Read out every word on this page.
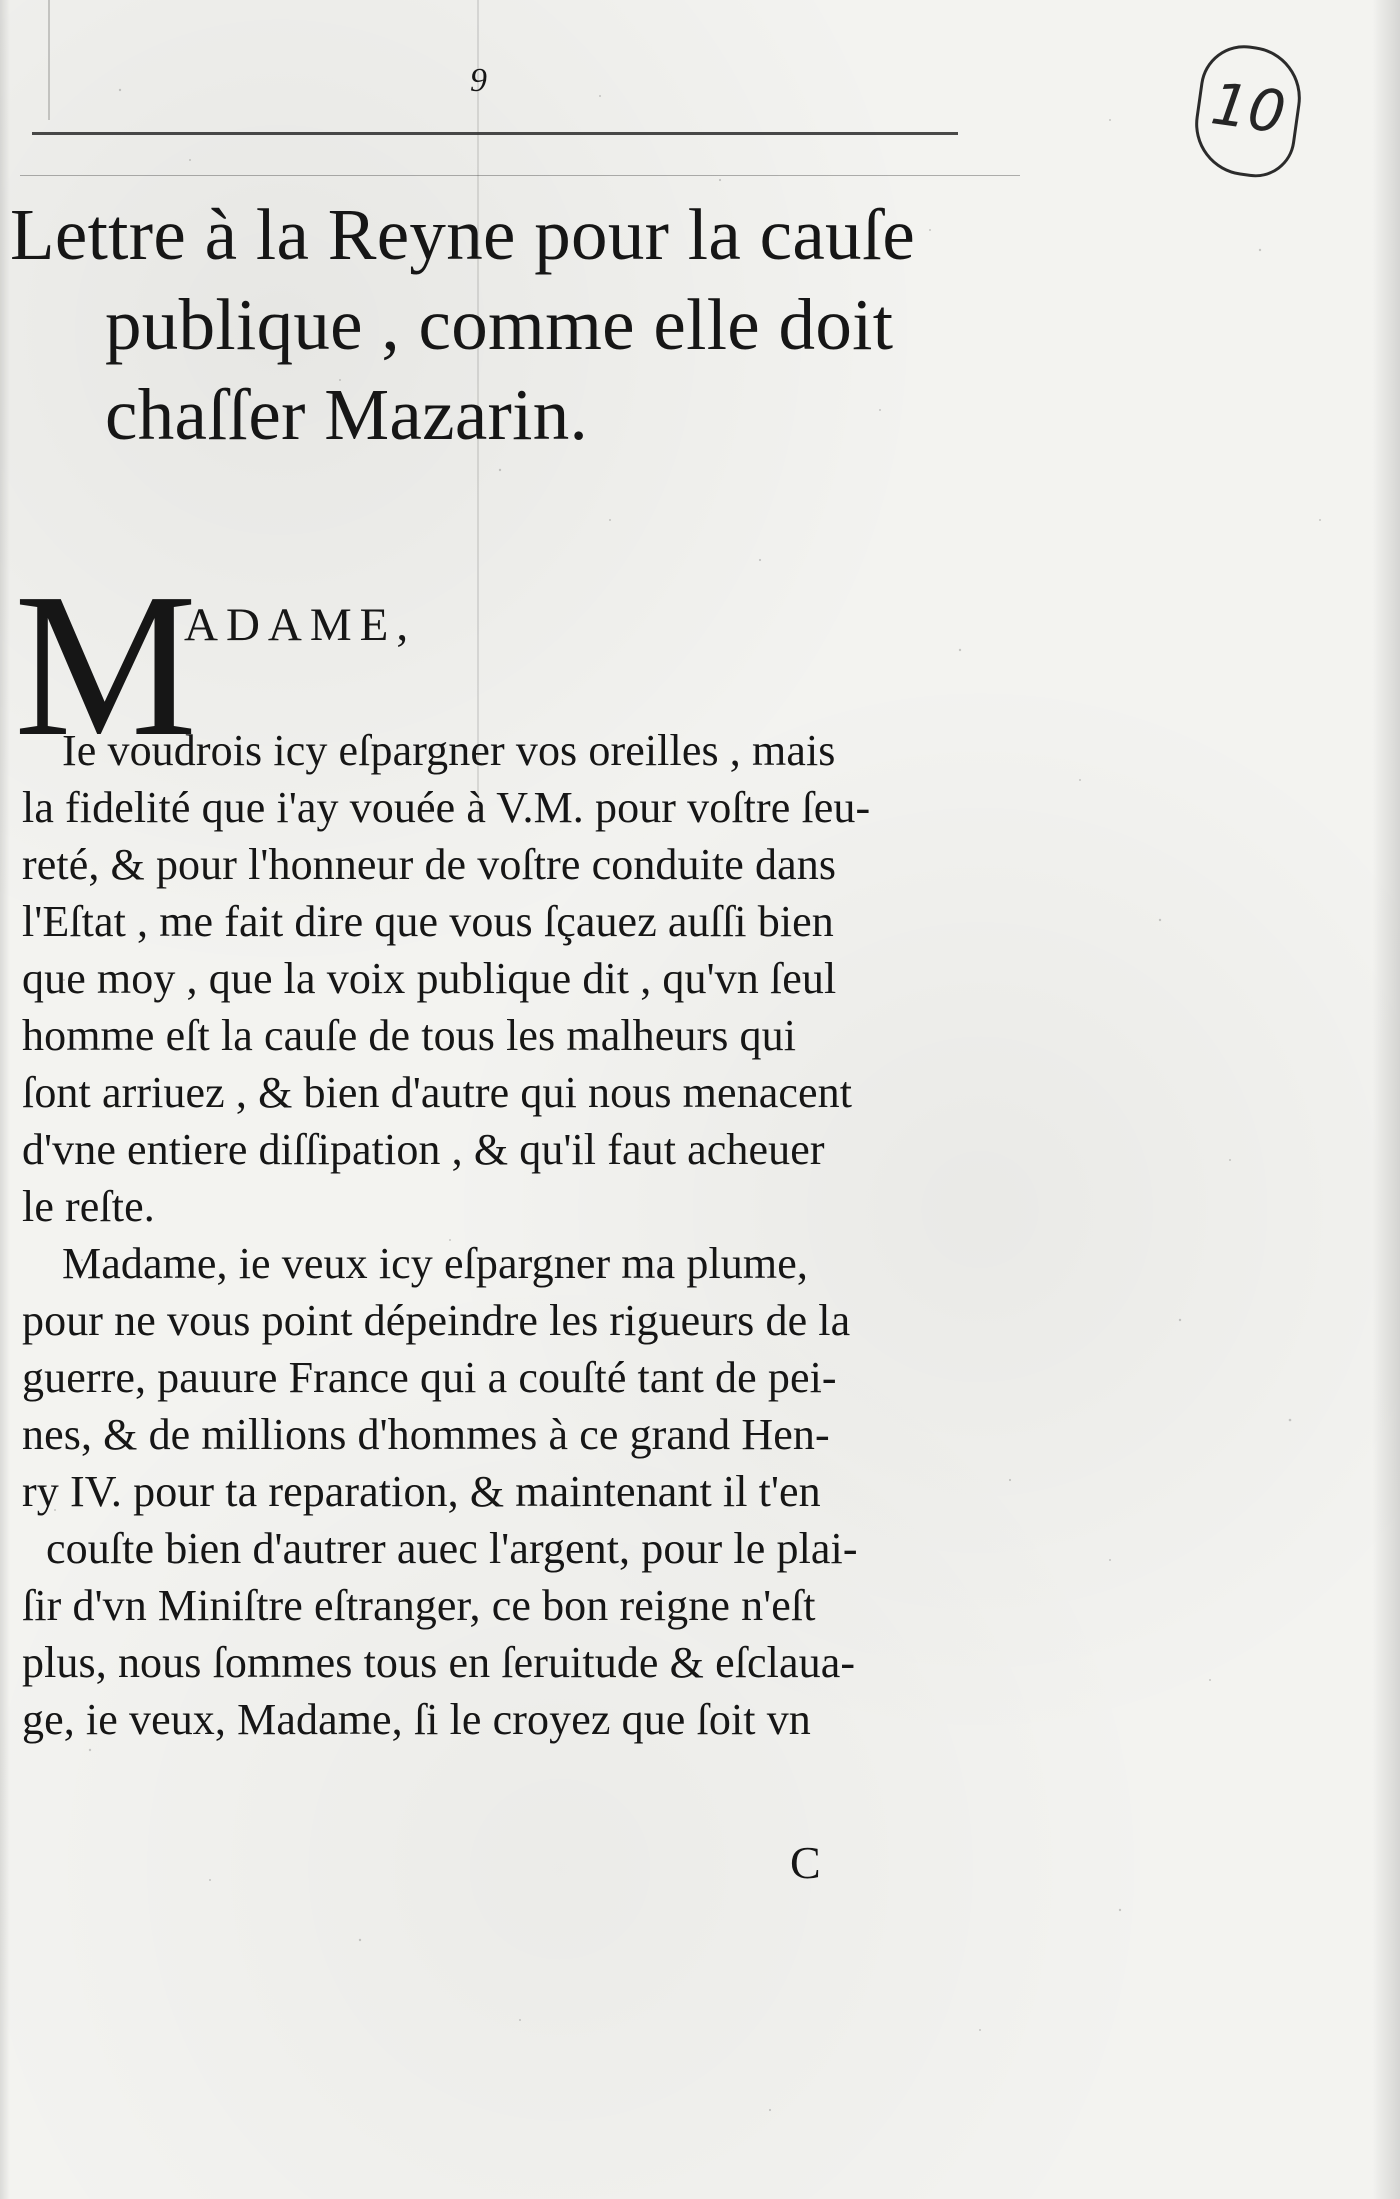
9	10
Lettre à la Reyne pour la cauſe
publique , comme elle doit
chaſſer Mazarin.
M
ADAME,
Ie voudrois icy eſpargner vos oreilles , mais
la fidelité que i'ay vouée à V.M. pour voſtre ſeu-
reté, & pour l'honneur de voſtre conduite dans
l'Eſtat , me fait dire que vous ſçauez auſſi bien
que moy , que la voix publique dit , qu'vn ſeul
homme eſt la cauſe de tous les malheurs qui
ſont arriuez , & bien d'autre qui nous menacent
d'vne entiere diſſipation , & qu'il faut acheuer
le reſte.
Madame, ie veux icy eſpargner ma plume,
pour ne vous point dépeindre les rigueurs de la
guerre, pauure France qui a couſté tant de pei-
nes, & de millions d'hommes à ce grand Hen-
ry IV. pour ta reparation, & maintenant il t'en
couſte bien d'autrer auec l'argent, pour le plai-
ſir d'vn Miniſtre eſtranger, ce bon reigne n'eſt
plus, nous ſommes tous en ſeruitude & eſclaua-
ge, ie veux, Madame, ſi le croyez que ſoit vn
C
